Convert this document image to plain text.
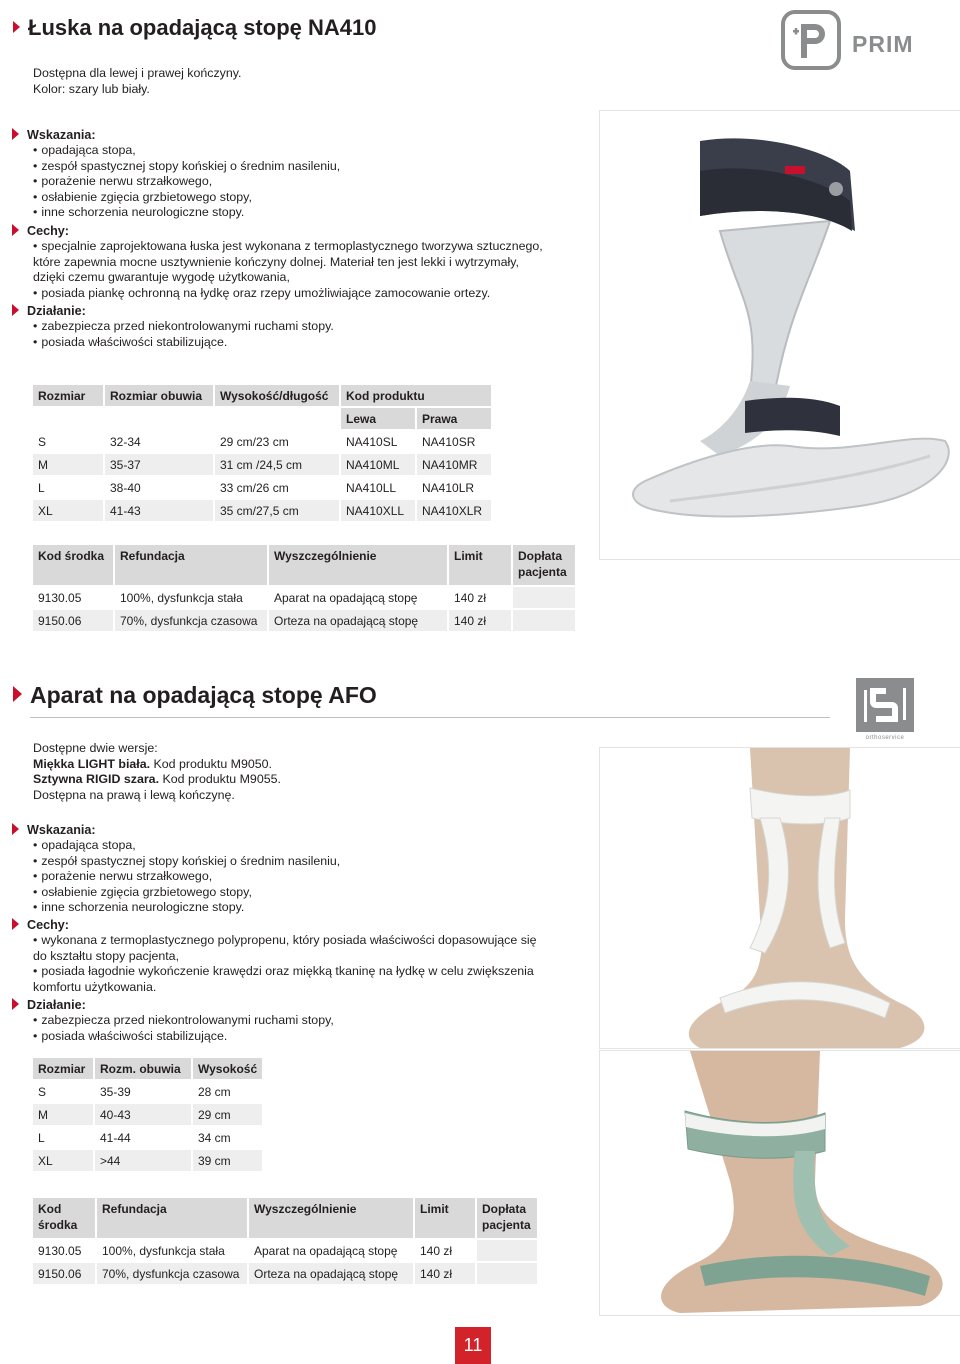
Łuska na opadającą stopę NA410
PRIM
Dostępna dla lewej i prawej kończyny.
Kolor: szary lub biały.
Wskazania:
• opadająca stopa,
• zespół spastycznej stopy końskiej o średnim nasileniu,
• porażenie nerwu strzałkowego,
• osłabienie zgięcia grzbietowego stopy,
• inne schorzenia neurologiczne stopy.
Cechy:
• specjalnie zaprojektowana łuska jest wykonana z termoplastycznego tworzywa sztucznego,
które zapewnia mocne usztywnienie kończyny dolnej. Materiał ten jest lekki i wytrzymały,
dzięki czemu gwarantuje wygodę użytkowania,
• posiada piankę ochronną na łydkę oraz rzepy umożliwiające zamocowanie ortezy.
Działanie:
• zabezpiecza przed niekontrolowanymi ruchami stopy.
• posiada właściwości stabilizujące.
Rozmiar	Rozmiar obuwia	Wysokość/długość	Kod produktu	
			Lewa	Prawa
S	32-34	29 cm/23 cm	NA410SL	NA410SR
M	35-37	31 cm /24,5 cm	NA410ML	NA410MR
L	38-40	33 cm/26 cm	NA410LL	NA410LR
XL	41-43	35 cm/27,5 cm	NA410XLL	NA410XLR
Kod środka	Refundacja	Wyszczególnienie	Limit	Dopłata
pacjenta
9130.05	100%, dysfunkcja stała	Aparat na opadającą stopę	140 zł	
9150.06	70%, dysfunkcja czasowa	Orteza na opadającą stopę	140 zł	
Aparat na opadającą stopę AFO
orthoservice
Dostępne dwie wersje:
Miękka LIGHT biała. Kod produktu M9050.
Sztywna RIGID szara. Kod produktu M9055.
Dostępna na prawą i lewą kończynę.
Wskazania:
• opadająca stopa,
• zespół spastycznej stopy końskiej o średnim nasileniu,
• porażenie nerwu strzałkowego,
• osłabienie zgięcia grzbietowego stopy,
• inne schorzenia neurologiczne stopy.
Cechy:
• wykonana z termoplastycznego polypropenu, który posiada właściwości dopasowujące się
do kształtu stopy pacjenta,
• posiada łagodnie wykończenie krawędzi oraz miękką tkaninę na łydkę w celu zwiększenia
komfortu użytkowania.
Działanie:
• zabezpiecza przed niekontrolowanymi ruchami stopy,
• posiada właściwości stabilizujące.
Rozmiar	Rozm. obuwia	Wysokość
S	35-39	28 cm
M	40-43	29 cm
L	41-44	34 cm
XL	>44	39 cm
Kod
środka	Refundacja	Wyszczególnienie	Limit	Dopłata
pacjenta
9130.05	100%, dysfunkcja stała	Aparat na opadającą stopę	140 zł	
9150.06	70%, dysfunkcja czasowa	Orteza na opadającą stopę	140 zł	
11
